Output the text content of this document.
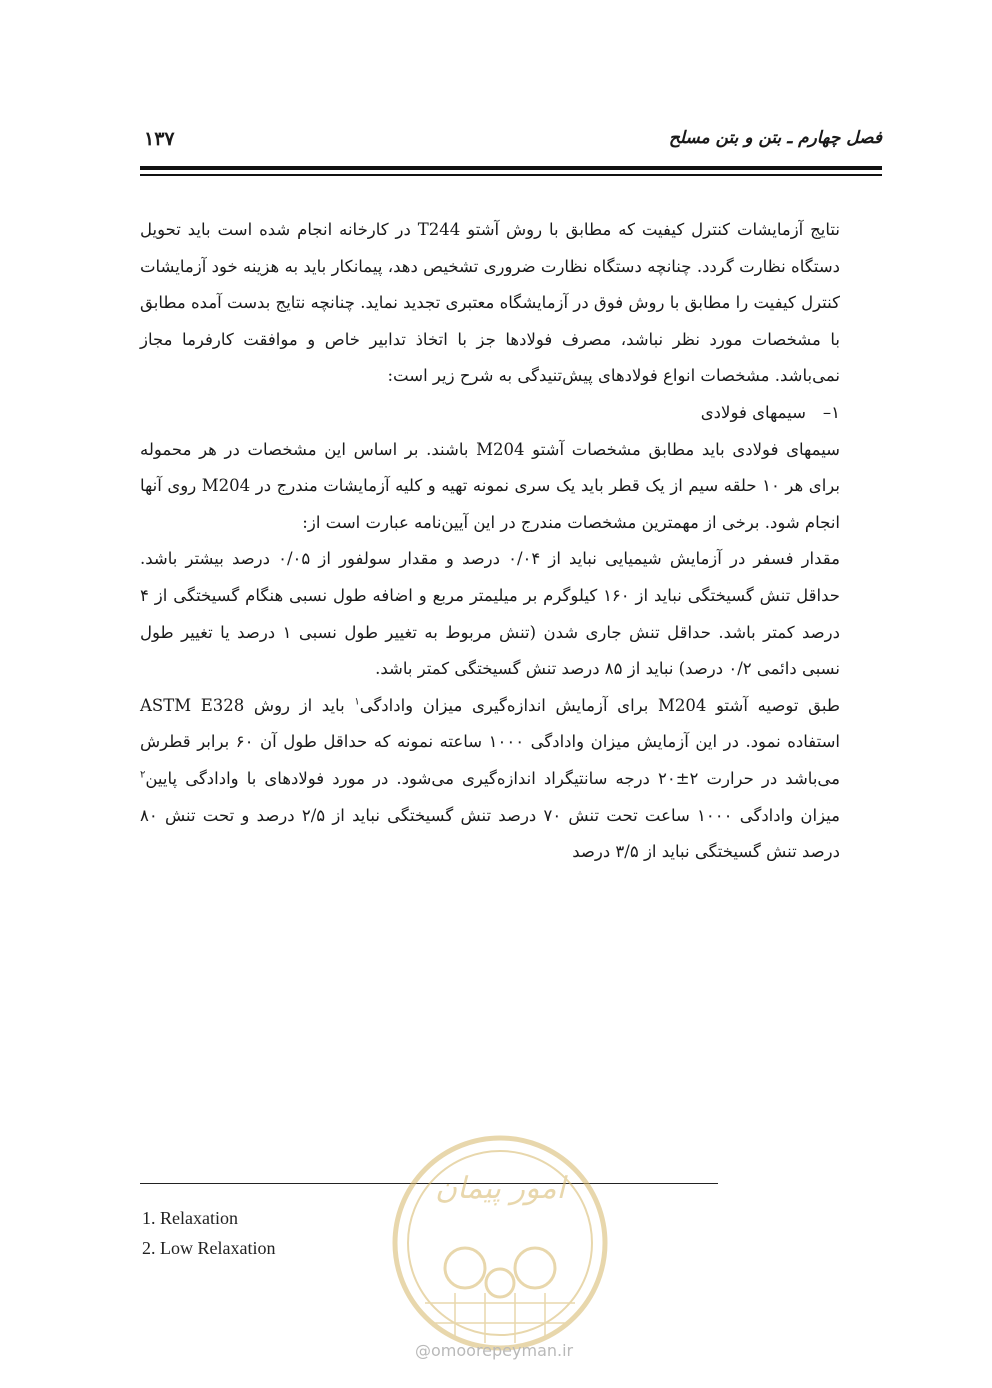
۱۳۷	فصل چهارم ـ بتن و بتن مسلح

نتایج آزمایشات کنترل کیفیت که مطابق با روش آشتو T244 در کارخانه انجام شده است باید تحویل دستگاه نظارت گردد. چنانچه دستگاه نظارت ضروری تشخیص دهد، پیمانکار باید به هزینه خود آزمایشات کنترل کیفیت را مطابق با روش فوق در آزمایشگاه معتبری تجدید نماید. چنانچه نتایج بدست آمده مطابق با مشخصات مورد نظر نباشد، مصرف فولادها جز با اتخاذ تدابیر خاص و موافقت کارفرما مجاز نمی‌باشد. مشخصات انواع فولادهای پیش‌تنیدگی به شرح زیر است:

۱–سیمهای فولادی

سیمهای فولادی باید مطابق مشخصات آشتو M204 باشند. بر اساس این مشخصات در هر محموله برای هر ۱۰ حلقه سیم از یک قطر باید یک سری نمونه تهیه و کلیه آزمایشات مندرج در M204 روی آنها انجام شود. برخی از مهمترین مشخصات مندرج در این آیین‌نامه عبارت است از:

مقدار فسفر در آزمایش شیمیایی نباید از ۰/۰۴ درصد و مقدار سولفور از ۰/۰۵ درصد بیشتر باشد. حداقل تنش گسیختگی نباید از ۱۶۰ کیلوگرم بر میلیمتر مربع و اضافه طول نسبی هنگام گسیختگی از ۴ درصد کمتر باشد. حداقل تنش جاری شدن (تنش مربوط به تغییر طول نسبی ۱ درصد یا تغییر طول نسبی دائمی ۰/۲ درصد) نباید از ۸۵ درصد تنش گسیختگی کمتر باشد.

طبق توصیه آشتو M204 برای آزمایش اندازه‌گیری میزان وادادگی$^۱$ باید از روش ASTM E328 استفاده نمود. در این آزمایش میزان وادادگی ۱۰۰۰ ساعته نمونه که حداقل طول آن ۶۰ برابر قطرش می‌باشد در حرارت ۲±۲۰ درجه سانتیگراد اندازه‌گیری می‌شود. در مورد فولادهای با وادادگی پایین$^۲$ میزان وادادگی ۱۰۰۰ ساعت تحت تنش ۷۰ درصد تنش گسیختگی نباید از ۲/۵ درصد و تحت تنش ۸۰ درصد تنش گسیختگی نباید از ۳/۵ درصد

1. Relaxation
2. Low Relaxation
امور پیمان
@omoorepeyman.ir
